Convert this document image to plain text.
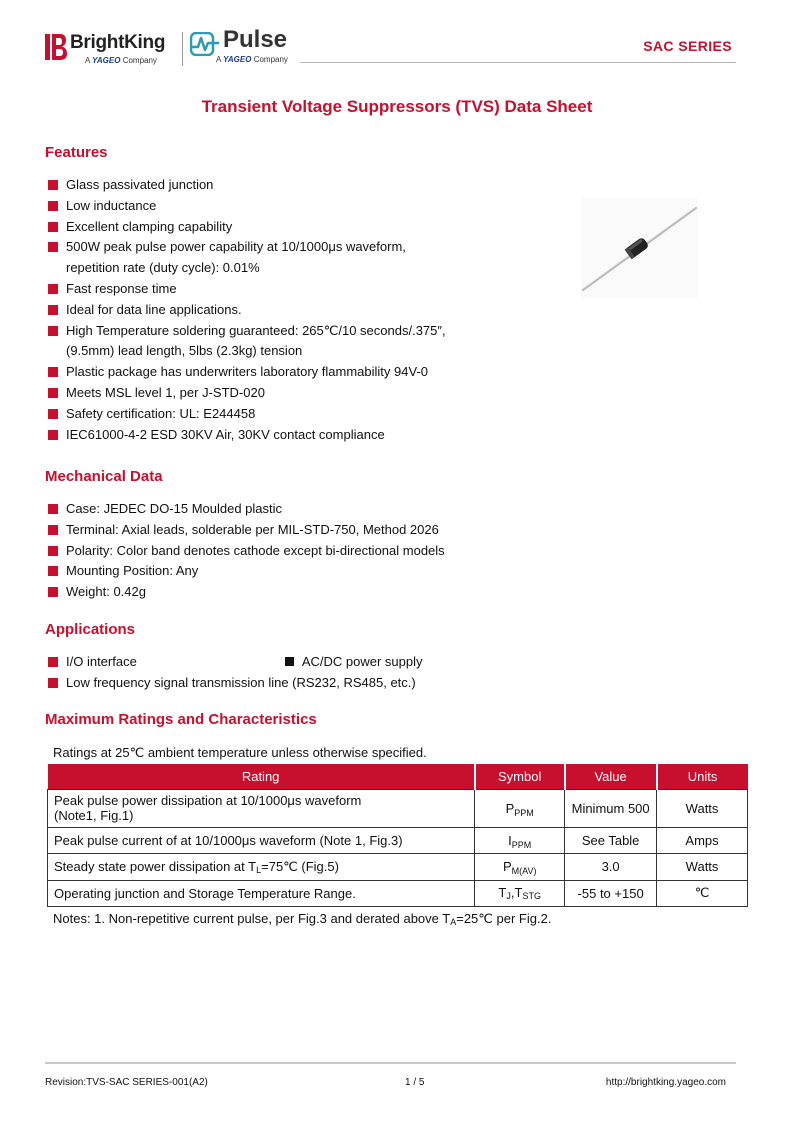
BrightKing
A YAGEO Company
Pulse
A YAGEO Company
SAC SERIES
Transient Voltage Suppressors (TVS) Data Sheet
Features
Glass passivated junction
Low inductance
Excellent clamping capability
500W peak pulse power capability at 10/1000μs waveform,
repetition rate (duty cycle): 0.01%
Fast response time
Ideal for data line applications.
High Temperature soldering guaranteed: 265℃/10 seconds/.375″,
(9.5mm) lead length, 5lbs (2.3kg) tension
Plastic package has underwriters laboratory flammability 94V-0
Meets MSL level 1, per J-STD-020
Safety certification: UL: E244458
IEC61000-4-2 ESD 30KV Air, 30KV contact compliance
Mechanical Data
Case: JEDEC DO-15 Moulded plastic
Terminal: Axial leads, solderable per MIL-STD-750, Method 2026
Polarity: Color band denotes cathode except bi-directional models
Mounting Position: Any
Weight: 0.42g
Applications
I/O interface	AC/DC power supply
Low frequency signal transmission line (RS232, RS485, etc.)
Maximum Ratings and Characteristics
Ratings at 25℃ ambient temperature unless otherwise specified.
Rating	Symbol	Value	Units
Peak pulse power dissipation at 10/1000μs waveform
(Note1, Fig.1)	$P_{PPM}$	Minimum 500	Watts
Peak pulse current of at 10/1000μs waveform (Note 1, Fig.3)	$I_{PPM}$	See Table	Amps
Steady state power dissipation at $T_L=75℃$ (Fig.5)	$P_{M(AV)}$	3.0	Watts
Operating junction and Storage Temperature Range.	$T_J,T_{STG}$	-55 to +150	℃
Notes: 1. Non-repetitive current pulse, per Fig.3 and derated above $T_A=25℃$ per Fig.2.
Revision:TVS-SAC SERIES-001(A2)	1 / 5	http://brightking.yageo.com
